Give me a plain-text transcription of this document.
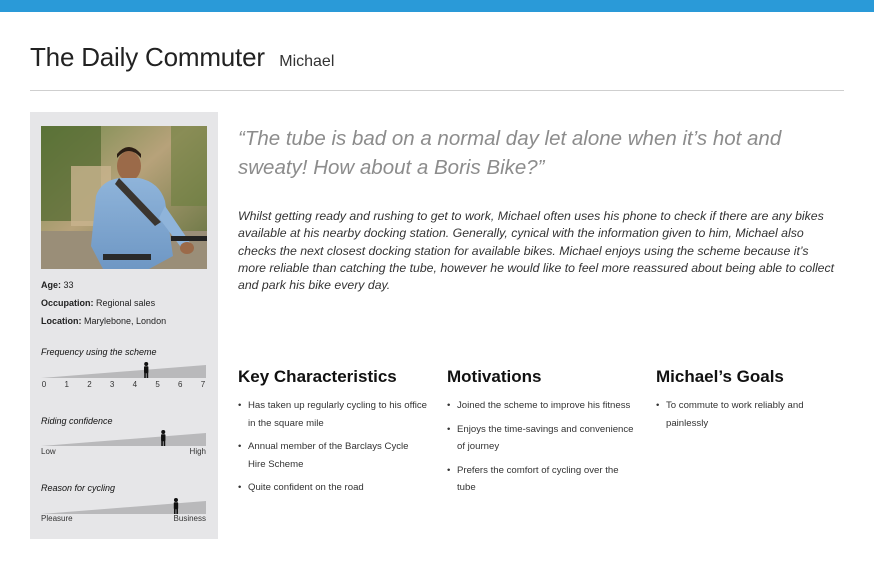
The Daily Commuter Michael
Age: 33
Occupation: Regional sales
Location: Marylebone, London
Frequency using the scheme
0	1	2	3	4	5	6	7
Riding confidence
Low	High
Reason for cycling
Pleasure	Business
“The tube is bad on a normal day let alone when it’s hot and sweaty! How about a Boris Bike?”
Whilst getting ready and rushing to get to work, Michael often uses his phone to check if there are any bikes available at his nearby docking station. Generally, cynical with the information given to him, Michael also checks the next closest docking station for available bikes. Michael enjoys using the scheme because it’s more reliable than catching the tube, however he would like to feel more reassured about being able to collect and park his bike every day.
Key Characteristics
• Has taken up regularly cycling to his office in the square mile
• Annual member of the Barclays Cycle Hire Scheme
• Quite confident on the road
Motivations
• Joined the scheme to improve his fitness
• Enjoys the time-savings and convenience of journey
• Prefers the comfort of cycling over the tube
Michael’s Goals
• To commute to work reliably and painlessly
